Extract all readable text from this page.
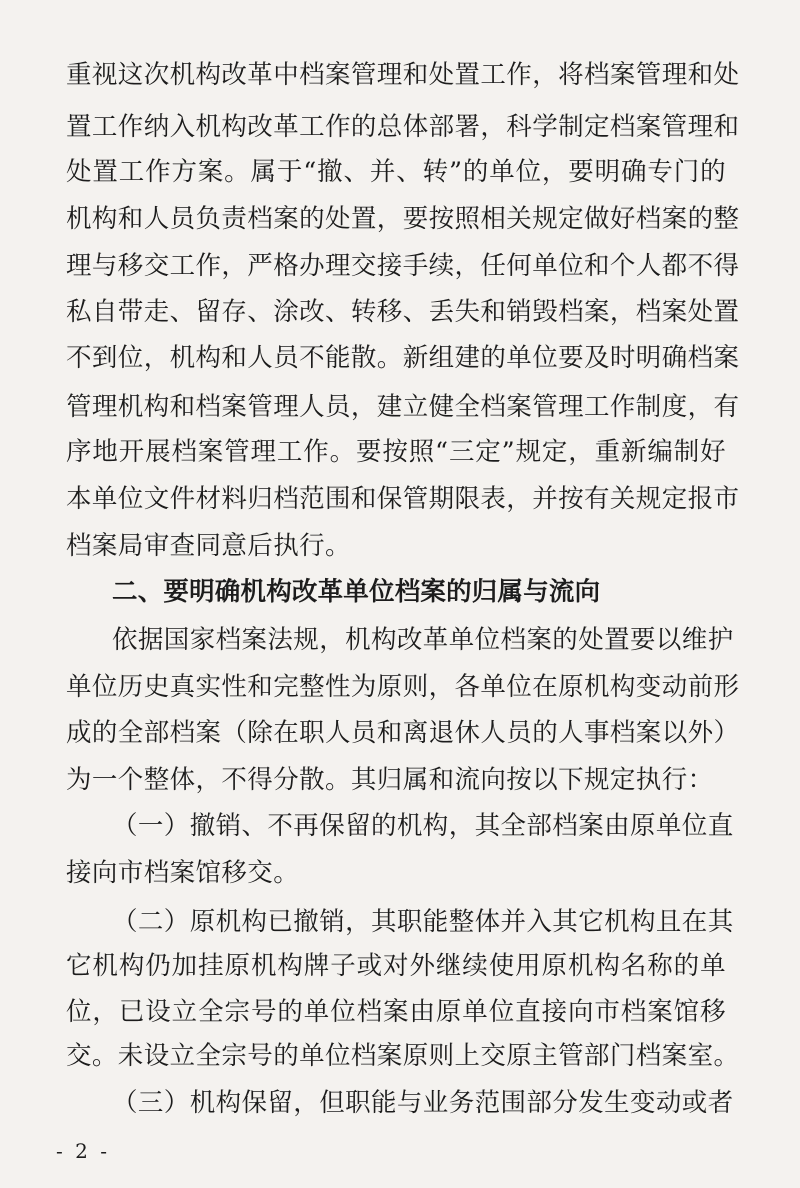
重视这次机构改革中档案管理和处置工作，将档案管理和处
置工作纳入机构改革工作的总体部署，科学制定档案管理和
处置工作方案。属于“撤、并、转”的单位，要明确专门的
机构和人员负责档案的处置，要按照相关规定做好档案的整
理与移交工作，严格办理交接手续，任何单位和个人都不得
私自带走、留存、涂改、转移、丢失和销毁档案，档案处置
不到位，机构和人员不能散。新组建的单位要及时明确档案
管理机构和档案管理人员，建立健全档案管理工作制度，有
序地开展档案管理工作。要按照“三定”规定，重新编制好
本单位文件材料归档范围和保管期限表，并按有关规定报市
档案局审查同意后执行。
二、要明确机构改革单位档案的归属与流向
依据国家档案法规，机构改革单位档案的处置要以维护
单位历史真实性和完整性为原则，各单位在原机构变动前形
成的全部档案（除在职人员和离退休人员的人事档案以外）
为一个整体，不得分散。其归属和流向按以下规定执行：
（一）撤销、不再保留的机构，其全部档案由原单位直
接向市档案馆移交。
（二）原机构已撤销，其职能整体并入其它机构且在其
它机构仍加挂原机构牌子或对外继续使用原机构名称的单
位，已设立全宗号的单位档案由原单位直接向市档案馆移
交。未设立全宗号的单位档案原则上交原主管部门档案室。
（三）机构保留，但职能与业务范围部分发生变动或者
- 2 -
